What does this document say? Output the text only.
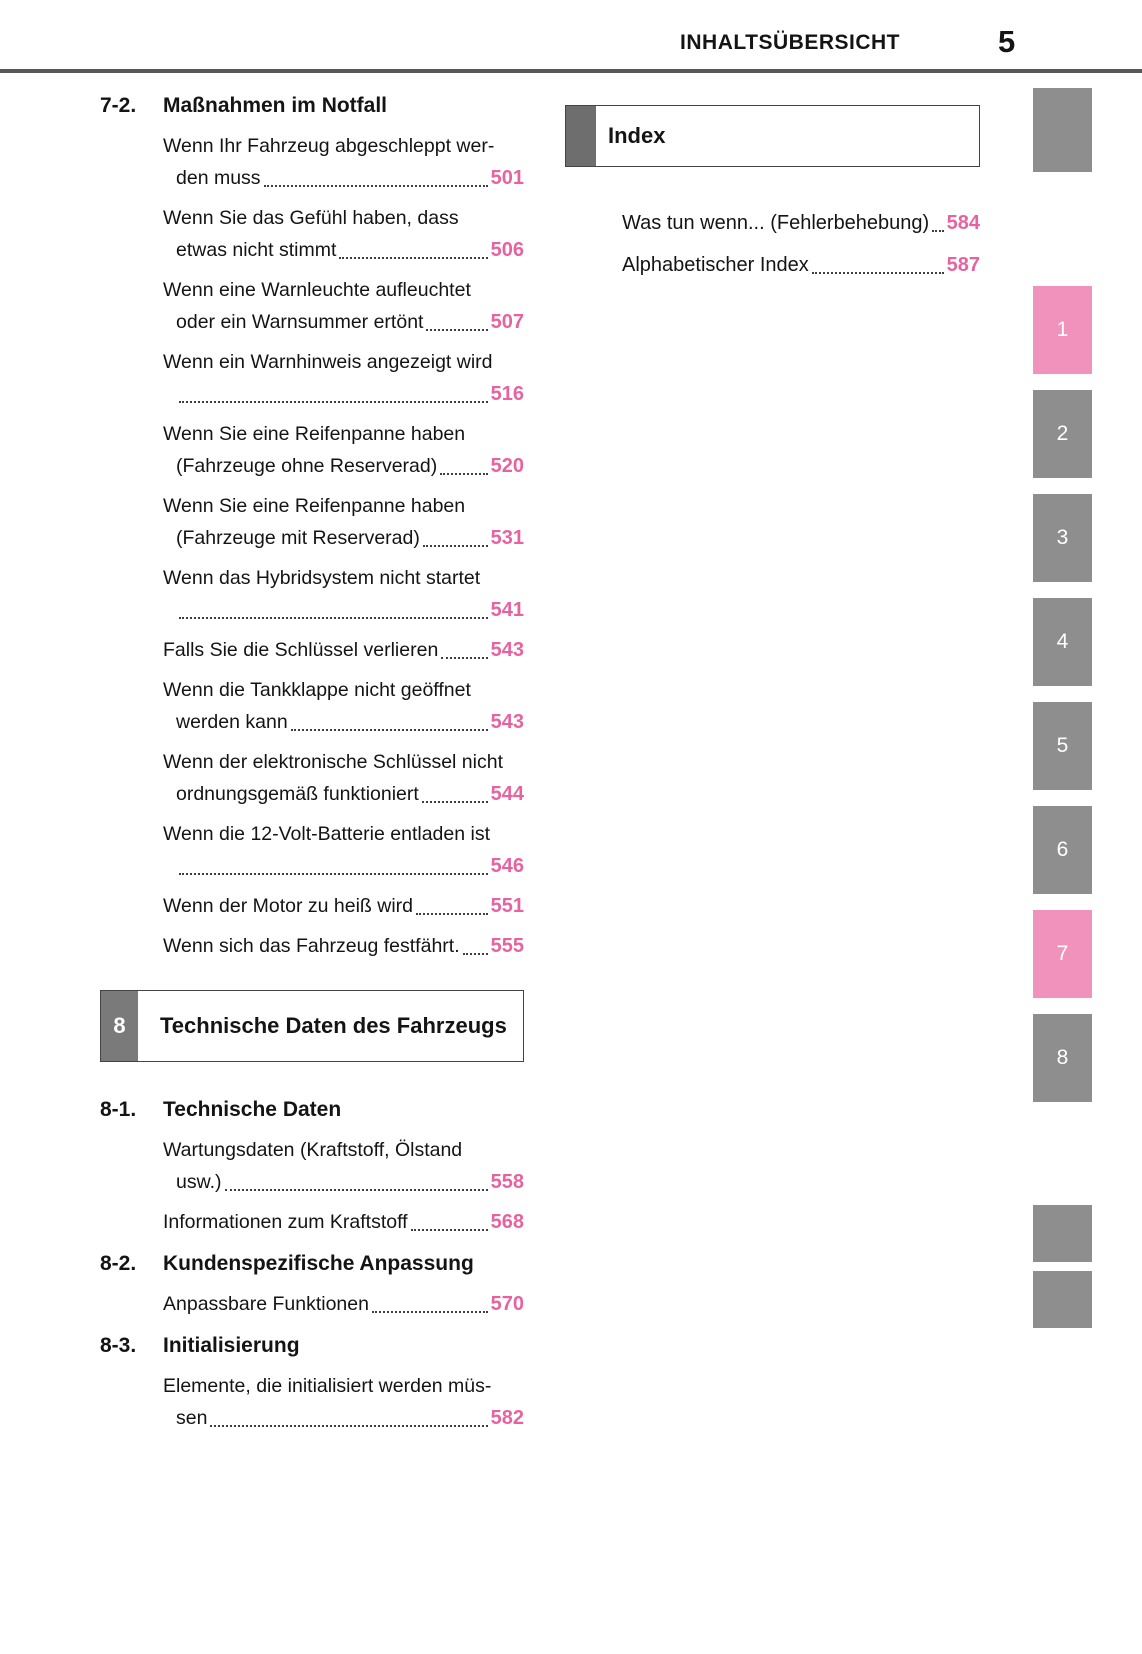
INHALTSÜBERSICHT	5
7-2.	Maßnahmen im Notfall
Wenn Ihr Fahrzeug abgeschleppt wer-
den muss	501
Wenn Sie das Gefühl haben, dass
etwas nicht stimmt	506
Wenn eine Warnleuchte aufleuchtet
oder ein Warnsummer ertönt	507
Wenn ein Warnhinweis angezeigt wird
516
Wenn Sie eine Reifenpanne haben
(Fahrzeuge ohne Reserverad)	520
Wenn Sie eine Reifenpanne haben
(Fahrzeuge mit Reserverad)	531
Wenn das Hybridsystem nicht startet
541
Falls Sie die Schlüssel verlieren	543
Wenn die Tankklappe nicht geöffnet
werden kann	543
Wenn der elektronische Schlüssel nicht
ordnungsgemäß funktioniert	544
Wenn die 12-Volt-Batterie entladen ist
546
Wenn der Motor zu heiß wird	551
Wenn sich das Fahrzeug festfährt. 555
8	Technische Daten des Fahrzeugs
8-1.	Technische Daten
Wartungsdaten (Kraftstoff, Ölstand
usw.)	558
Informationen zum Kraftstoff	568
8-2.	Kundenspezifische Anpassung
Anpassbare Funktionen	570
8-3.	Initialisierung
Elemente, die initialisiert werden müs-
sen	582
Index
Was tun wenn... (Fehlerbehebung) 584
Alphabetischer Index	587
1
2
3
4
5
6
7
8
